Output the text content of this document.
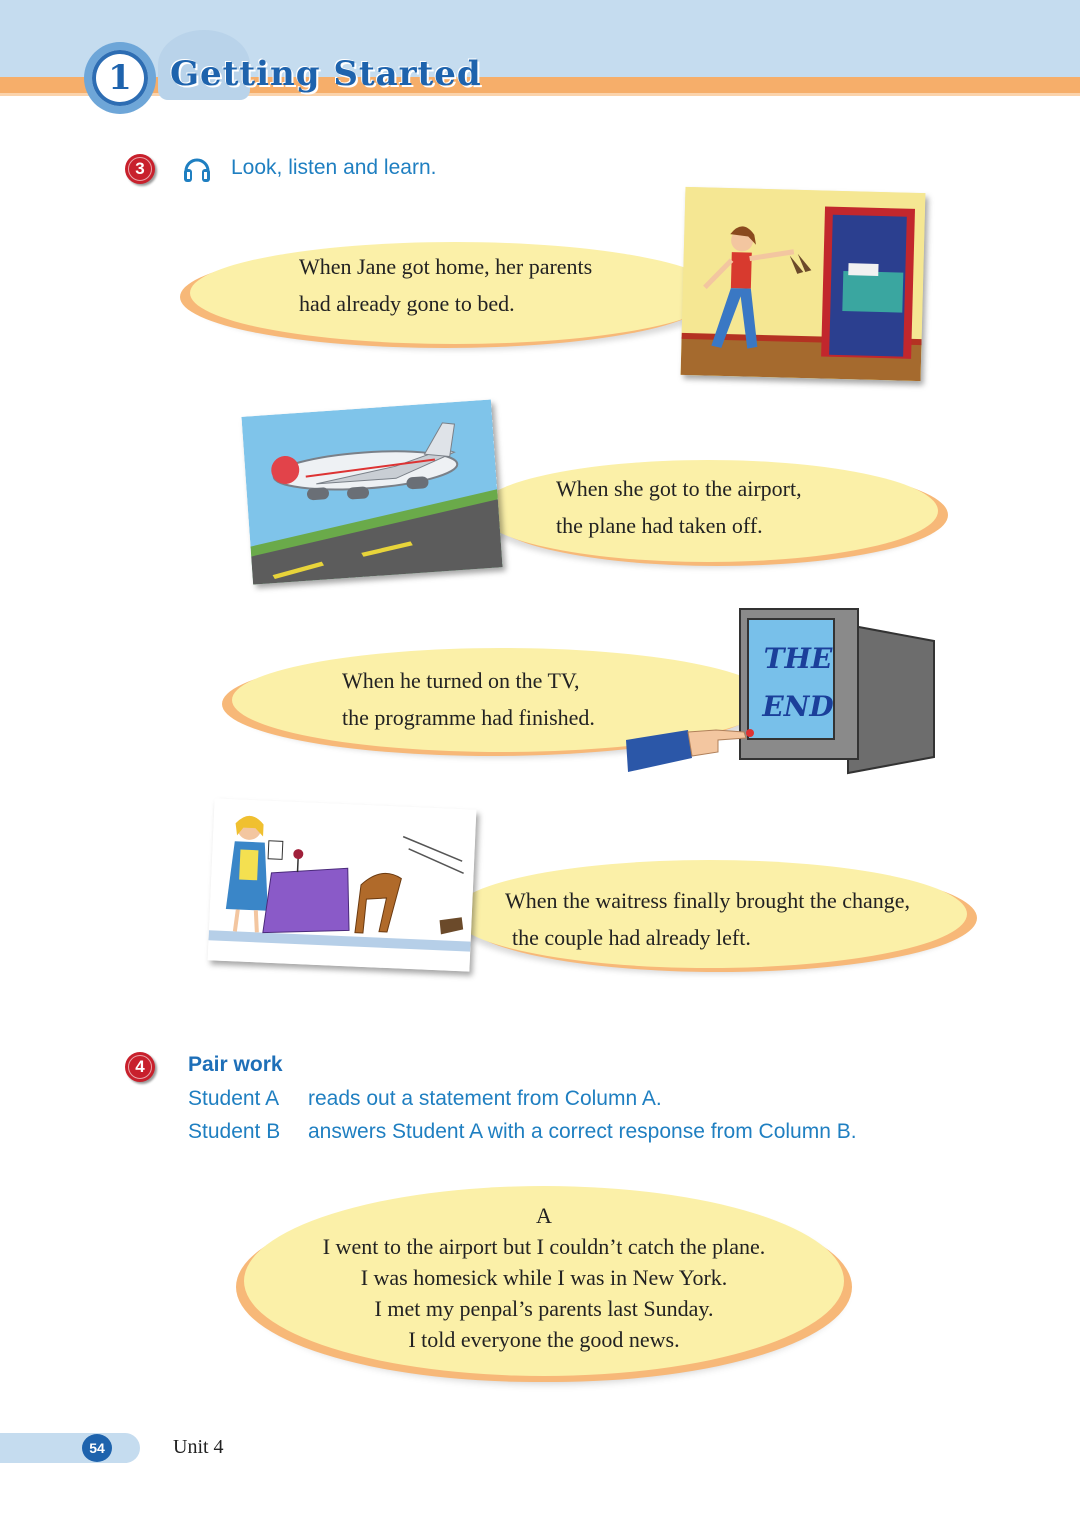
1	Getting Started
3	Look, listen and learn.
When Jane got home, her parents
had already gone to bed.
When she got to the airport,
the plane had taken off.
When he turned on the TV,
the programme had finished.
THE
END
When the waitress finally brought the change,
the couple had already left.
4	Pair work
Student A reads out a statement from Column A.
Student B answers Student A with a correct response from Column B.
A
I went to the airport but I couldn’t catch the plane.
I was homesick while I was in New York.
I met my penpal’s parents last Sunday.
I told everyone the good news.
54	Unit 4
